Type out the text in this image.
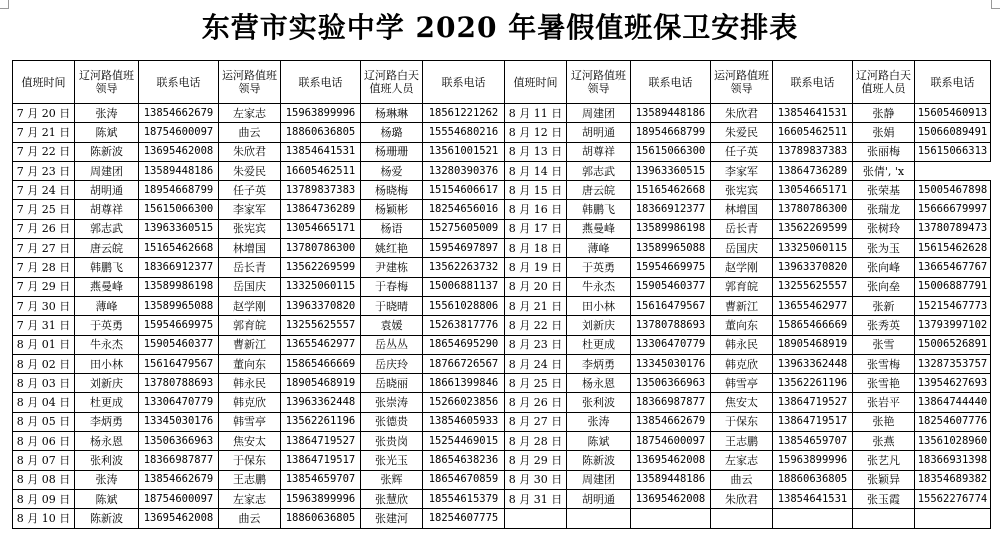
东营市实验中学 2020 年暑假值班保卫安排表
值班时间	辽河路值班领导	联系电话	运河路值班领导	联系电话	辽河路白天值班人员	联系电话	值班时间	辽河路值班领导	联系电话	运河路值班领导	联系电话	辽河路白天值班人员	联系电话
7 月 20 日	张涛	13854662679	左家志	15963899996	杨琳琳	18561221262	8 月 11 日	周建团	13589448186	朱欣君	13854641531	张静	15605460913
7 月 21 日	陈斌	18754600097	曲云	18860636805	杨璐	15554680216	8 月 12 日	胡明通	18954668799	朱爱民	16605462511	张娟	15066089491
7 月 22 日	陈新波	13695462008	朱欣君	13854641531	杨珊珊	13561001521	8 月 13 日	胡尊祥	15615066300	任子英	13789837383	张丽梅	15615066313
7 月 23 日	周建团	13589448186	朱爱民	16605462511	杨爱	13280390376	8 月 14 日	郭志武	13963360515	李家军	13864736289	张倩', 'x	
7 月 24 日	胡明通	18954668799	任子英	13789837383	杨晓梅	15154606617	8 月 15 日	唐云皖	15165462668	张宪宾	13054665171	张荣基	15005467898
7 月 25 日	胡尊祥	15615066300	李家军	13864736289	杨颖彬	18254656016	8 月 16 日	韩鹏飞	18366912377	林增国	13780786300	张瑞龙	15666679997
7 月 26 日	郭志武	13963360515	张宪宾	13054665171	杨语	15275605009	8 月 17 日	燕曼峰	13589986198	岳长青	13562269599	张树玲	13780789473
7 月 27 日	唐云皖	15165462668	林增国	13780786300	姚红艳	15954697897	8 月 18 日	薄峰	13589965088	岳国庆	13325060115	张为玉	15615462628
7 月 28 日	韩鹏飞	18366912377	岳长青	13562269599	尹建栋	13562263732	8 月 19 日	于英勇	15954669975	赵学刚	13963370820	张向峰	13665467767
7 月 29 日	燕曼峰	13589986198	岳国庆	13325060115	于春梅	15006881137	8 月 20 日	牛永杰	15905460377	郭育皖	13255625557	张向垒	15006887791
7 月 30 日	薄峰	13589965088	赵学刚	13963370820	于晓晴	15561028806	8 月 21 日	田小林	15616479567	曹新江	13655462977	张新	15215467773
7 月 31 日	于英勇	15954669975	郭育皖	13255625557	袁媛	15263817776	8 月 22 日	刘新庆	13780788693	董向东	15865466669	张秀英	13793997102
8 月 01 日	牛永杰	15905460377	曹新江	13655462977	岳丛丛	18654695290	8 月 23 日	杜更成	13306470779	韩永民	18905468919	张雪	15006526891
8 月 02 日	田小林	15616479567	董向东	15865466669	岳庆玲	18766726567	8 月 24 日	李炳勇	13345030176	韩克欣	13963362448	张雪梅	13287353757
8 月 03 日	刘新庆	13780788693	韩永民	18905468919	岳晓丽	18661399846	8 月 25 日	杨永恩	13506366963	韩雪亭	13562261196	张雪艳	13954627693
8 月 04 日	杜更成	13306470779	韩克欣	13963362448	张崇涛	15266023856	8 月 26 日	张利波	18366987877	焦安太	13864719527	张岩平	13864744440
8 月 05 日	李炳勇	13345030176	韩雪亭	13562261196	张德贵	13854605933	8 月 27 日	张涛	13854662679	于保东	13864719517	张艳	18254607776
8 月 06 日	杨永恩	13506366963	焦安太	13864719527	张贵岗	15254469015	8 月 28 日	陈斌	18754600097	王志鹏	13854659707	张燕	13561028960
8 月 07 日	张利波	18366987877	于保东	13864719517	张光玉	18654638236	8 月 29 日	陈新波	13695462008	左家志	15963899996	张艺凡	18366931398
8 月 08 日	张涛	13854662679	王志鹏	13854659707	张辉	18654670859	8 月 30 日	周建团	13589448186	曲云	18860636805	张颖异	18354689382
8 月 09 日	陈斌	18754600097	左家志	15963899996	张慧欣	18554615379	8 月 31 日	胡明通	13695462008	朱欣君	13854641531	张玉霞	15562276774
8 月 10 日	陈新波	13695462008	曲云	18860636805	张建河	18254607775							
